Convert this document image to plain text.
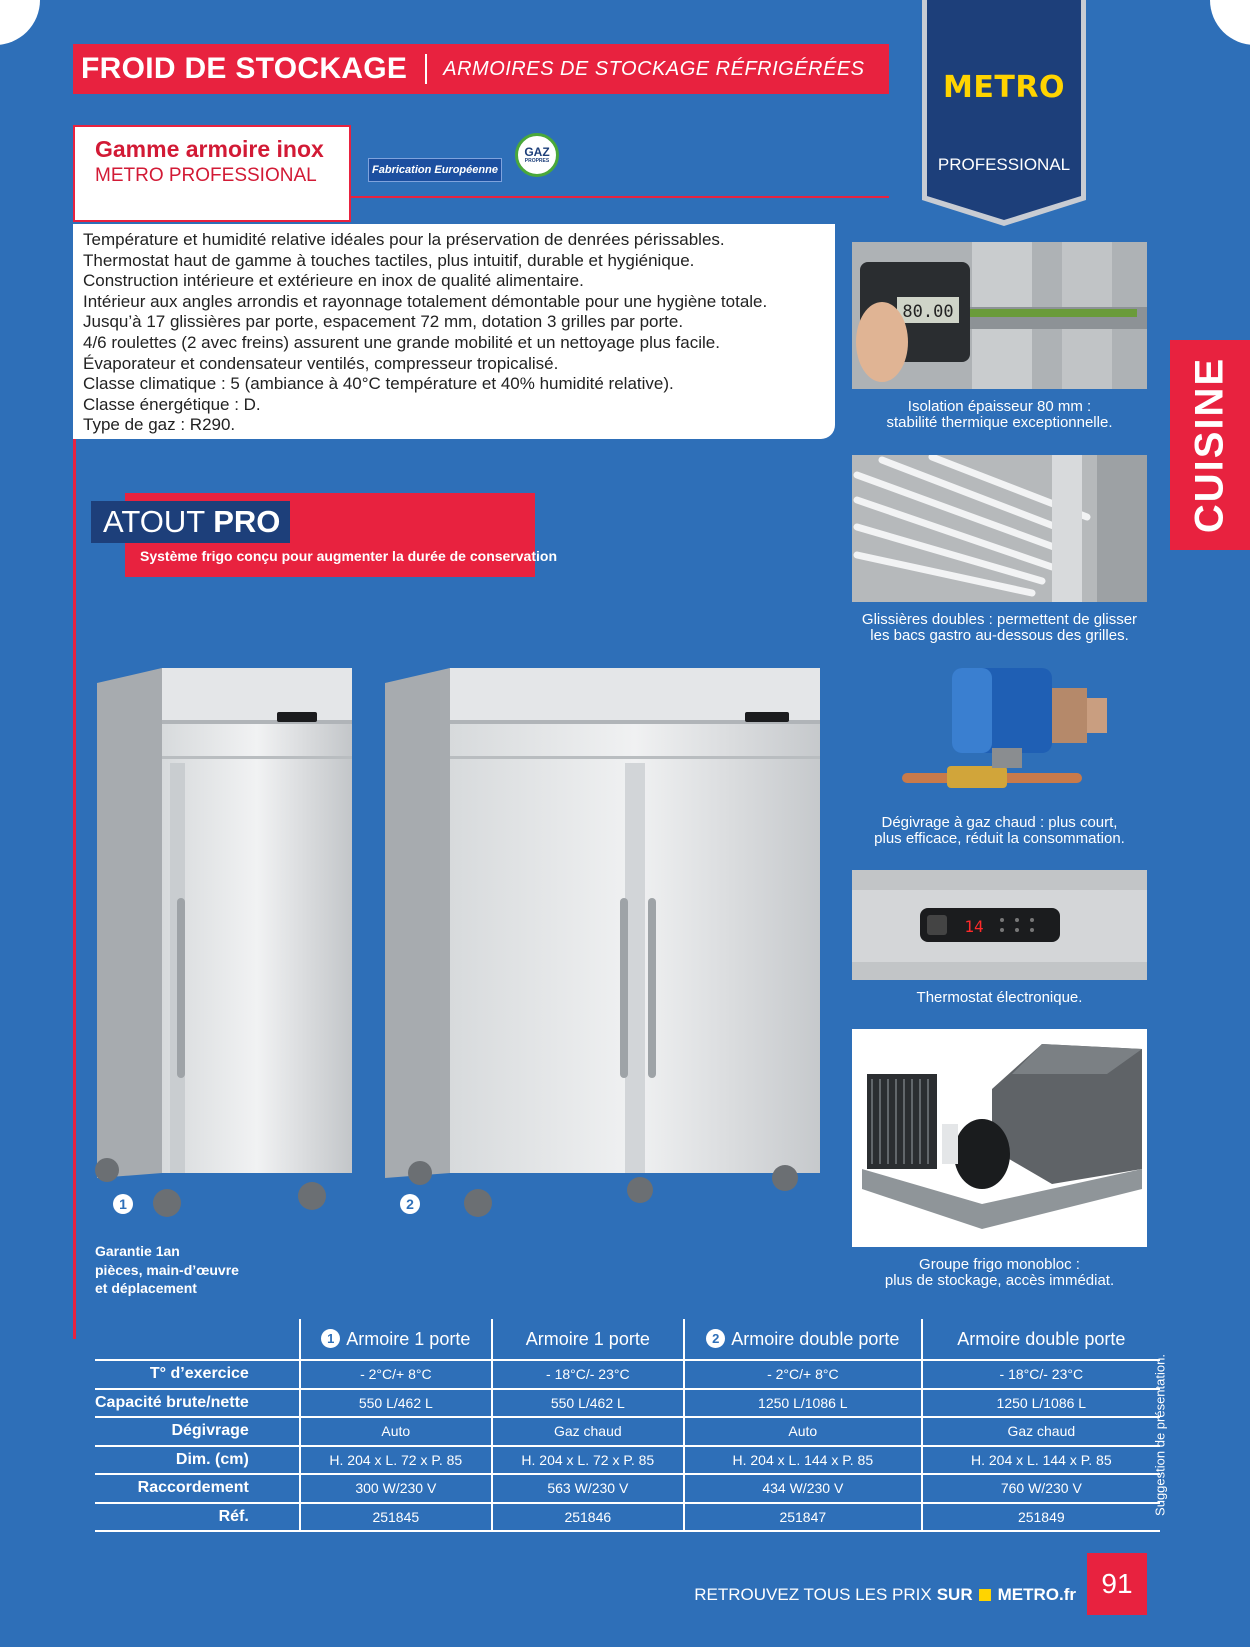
FROID DE STOCKAGE ARMOIRES DE STOCKAGE RÉFRIGÉRÉES
METRO
PROFESSIONAL
Gamme armoire inox
METRO PROFESSIONAL	Fabrication Européenne
GAZ
PROPRES
Température et humidité relative idéales pour la préservation de denrées périssables.
Thermostat haut de gamme à touches tactiles, plus intuitif, durable et hygiénique.
Construction intérieure et extérieure en inox de qualité alimentaire.
Intérieur aux angles arrondis et rayonnage totalement démontable pour une hygiène totale.
Jusqu’à 17 glissières par porte, espacement 72 mm, dotation 3 grilles par porte.
4/6 roulettes (2 avec freins) assurent une grande mobilité et un nettoyage plus facile.
Évaporateur et condensateur ventilés, compresseur tropicalisé.
Classe climatique : 5 (ambiance à 40°C température et 40% humidité relative).
Classe énergétique : D.
Type de gaz : R290.
ATOUT PRO
Système frigo conçu pour augmenter la durée de conservation
CUISINE
80.00
Isolation épaisseur 80 mm :
stabilité thermique exceptionnelle.
Glissières doubles : permettent de glisser
les bacs gastro au-dessous des grilles.
Dégivrage à gaz chaud : plus court,
plus efficace, réduit la consommation.
14
Thermostat électronique.
Groupe frigo monobloc :
plus de stockage, accès immédiat.
1	2
Garantie 1an
pièces, main-d’œuvre
et déplacement
	1 Armoire 1 porte	Armoire 1 porte	2 Armoire double porte	Armoire double porte
T° d’exercice	- 2°C/+ 8°C	- 18°C/- 23°C	- 2°C/+ 8°C	- 18°C/- 23°C
Capacité brute/nette	550 L/462 L	550 L/462 L	1250 L/1086 L	1250 L/1086 L
Dégivrage	Auto	Gaz chaud	Auto	Gaz chaud
Dim. (cm)	H. 204 x L. 72 x P. 85	H. 204 x L. 72 x P. 85	H. 204 x L. 144 x P. 85	H. 204 x L. 144 x P. 85
Raccordement	300 W/230 V	563 W/230 V	434 W/230 V	760 W/230 V
Réf.	251845	251846	251847	251849
Suggestion de présentation.
91
RETROUVEZ TOUS LES PRIX SUR METRO.fr
